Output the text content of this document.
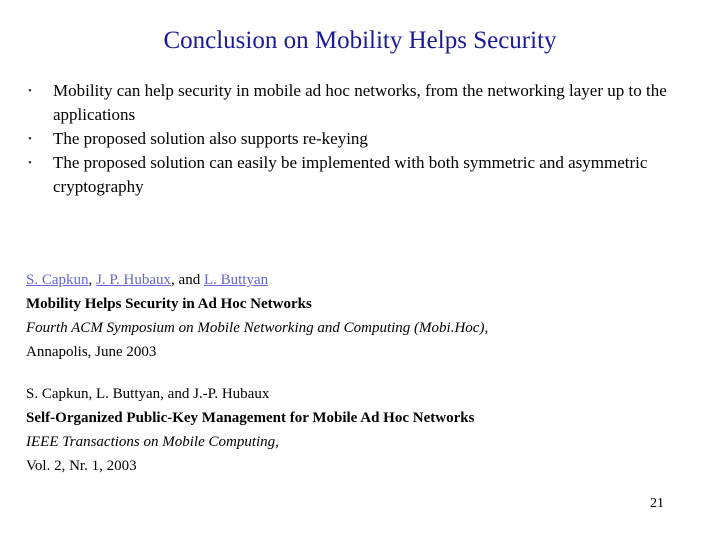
Conclusion on Mobility Helps Security
• Mobility can help security in mobile ad hoc networks, from the networking layer up to the applications
• The proposed solution also supports re-keying
• The proposed solution can easily be implemented with both symmetric and asymmetric cryptography
S. Capkun, J. P. Hubaux, and L. Buttyan
Mobility Helps Security in Ad Hoc Networks
Fourth ACM Symposium on Mobile Networking and Computing (Mobi.Hoc),
Annapolis, June 2003
S. Capkun, L. Buttyan, and J.-P. Hubaux
Self-Organized Public-Key Management for Mobile Ad Hoc Networks
IEEE Transactions on Mobile Computing,
Vol. 2, Nr. 1, 2003
21
